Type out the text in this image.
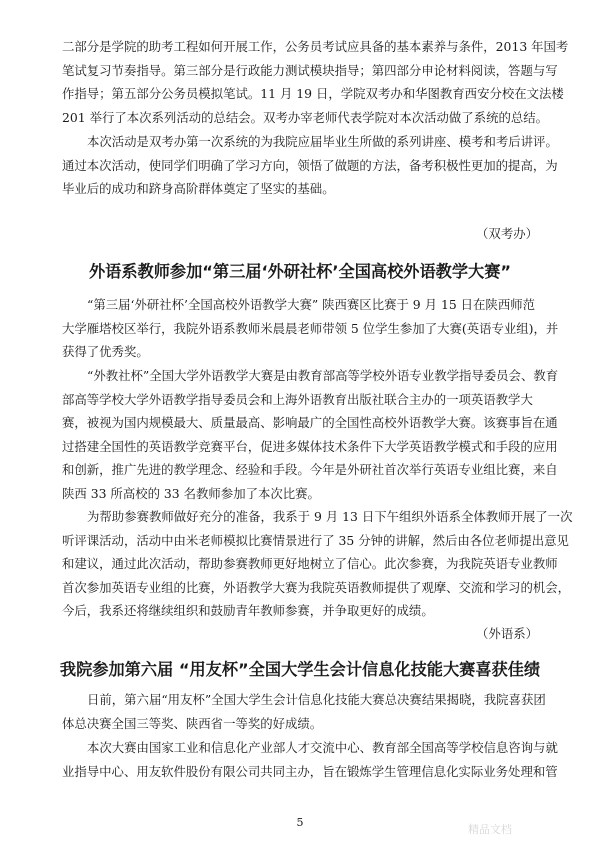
二部分是学院的助考工程如何开展工作，公务员考试应具备的基本素养与条件，2013 年国考
笔试复习节奏指导。第三部分是行政能力测试模块指导；第四部分申论材料阅读，答题与写
作指导；第五部分公务员模拟笔试。11 月 19 日，学院双考办和华图教育西安分校在文法楼
201 举行了本次系列活动的总结会。双考办宰老师代表学院对本次活动做了系统的总结。

本次活动是双考办第一次系统的为我院应届毕业生所做的系列讲座、模考和考后讲评。
通过本次活动，使同学们明确了学习方向，领悟了做题的方法，备考积极性更加的提高，为
毕业后的成功和跻身高阶群体奠定了坚实的基础。

（双考办）
外语系教师参加“第三届‘外研社杯’全国高校外语教学大赛”

“第三届‘外研社杯’全国高校外语教学大赛” 陕西赛区比赛于 9 月 15 日在陕西师范
大学雁塔校区举行，我院外语系教师米晨晨老师带领 5 位学生参加了大赛(英语专业组)，并
获得了优秀奖。

“外教社杯”全国大学外语教学大赛是由教育部高等学校外语专业教学指导委员会、教育
部高等学校大学外语教学指导委员会和上海外语教育出版社联合主办的一项英语教学大
赛，被视为国内规模最大、质量最高、影响最广的全国性高校外语教学大赛。该赛事旨在通
过搭建全国性的英语教学竞赛平台，促进多媒体技术条件下大学英语教学模式和手段的应用
和创新，推广先进的教学理念、经验和手段。今年是外研社首次举行英语专业组比赛，来自
陕西 33 所高校的 33 名教师参加了本次比赛。

为帮助参赛教师做好充分的准备，我系于 9 月 13 日下午组织外语系全体教师开展了一次
听评课活动，活动中由米老师模拟比赛情景进行了 35 分钟的讲解，然后由各位老师提出意见
和建议，通过此次活动，帮助参赛教师更好地树立了信心。此次参赛，为我院英语专业教师
首次参加英语专业组的比赛，外语教学大赛为我院英语教师提供了观摩、交流和学习的机会，
今后，我系还将继续组织和鼓励青年教师参赛，并争取更好的成绩。

（外语系）
我院参加第六届 “用友杯”全国大学生会计信息化技能大赛喜获佳绩

日前，第六届“用友杯”全国大学生会计信息化技能大赛总决赛结果揭晓，我院喜获团
体总决赛全国三等奖、陕西省一等奖的好成绩。

本次大赛由国家工业和信息化产业部人才交流中心、教育部全国高等学校信息咨询与就
业指导中心、用友软件股份有限公司共同主办，旨在锻炼学生管理信息化实际业务处理和管

5
精品文档
